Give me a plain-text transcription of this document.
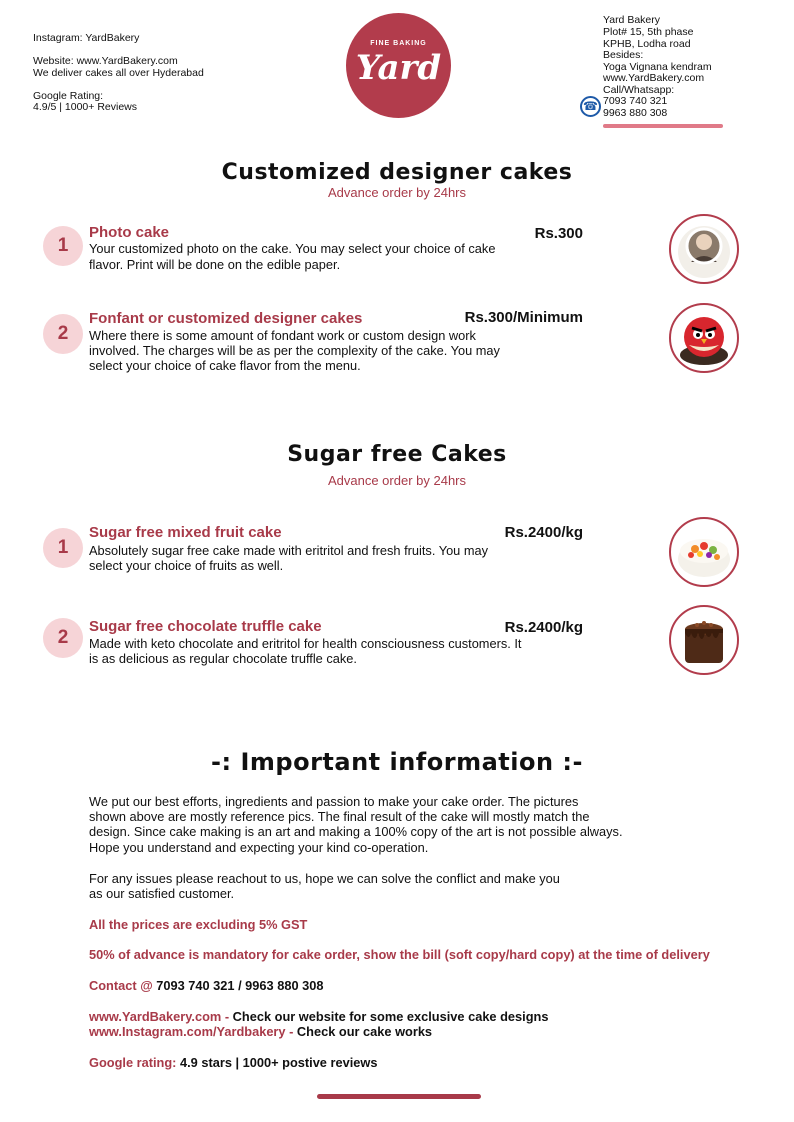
Instagram: YardBakery
Website: www.YardBakery.com
We deliver cakes all over Hyderabad
Google Rating:
4.9/5 | 1000+ Reviews
FINE BAKING
Yard
Yard Bakery
Plot# 15, 5th phase
KPHB, Lodha road
Besides:
Yoga Vignana kendram
www.YardBakery.com
Call/Whatsapp:
7093 740 321
9963 880 308
☎
Customized designer cakes
Advance order by 24hrs
1
Photo cake	Rs.300
Your customized photo on the cake. You may select your choice of cake
flavor. Print will be done on the edible paper.
2
Fonfant or customized designer cakes	Rs.300/Minimum
Where there is some amount of fondant work or custom design work
involved. The charges will be as per the complexity of the cake. You may
select your choice of cake flavor from the menu.
Sugar free Cakes
Advance order by 24hrs
1
Sugar free mixed fruit cake	Rs.2400/kg
Absolutely sugar free cake made with eritritol and fresh fruits. You may
select your choice of fruits as well.
2
Sugar free chocolate truffle cake	Rs.2400/kg
Made with keto chocolate and eritritol for health consciousness customers. It
is as delicious as regular chocolate truffle cake.
-: Important information :-
We put our best efforts, ingredients and passion to make your cake order. The pictures
shown above are mostly reference pics. The final result of the cake will mostly match the
design. Since cake making is an art and making a 100% copy of the art is not possible always.
Hope you understand and expecting your kind co-operation.
For any issues please reachout to us, hope we can solve the conflict and make you
as our satisfied customer.
All the prices are excluding 5% GST
50% of advance is mandatory for cake order, show the bill (soft copy/hard copy) at the time of delivery
Contact @ 7093 740 321 / 9963 880 308
www.YardBakery.com - Check our website for some exclusive cake designs
www.Instagram.com/Yardbakery - Check our cake works
Google rating: 4.9 stars | 1000+ postive reviews
